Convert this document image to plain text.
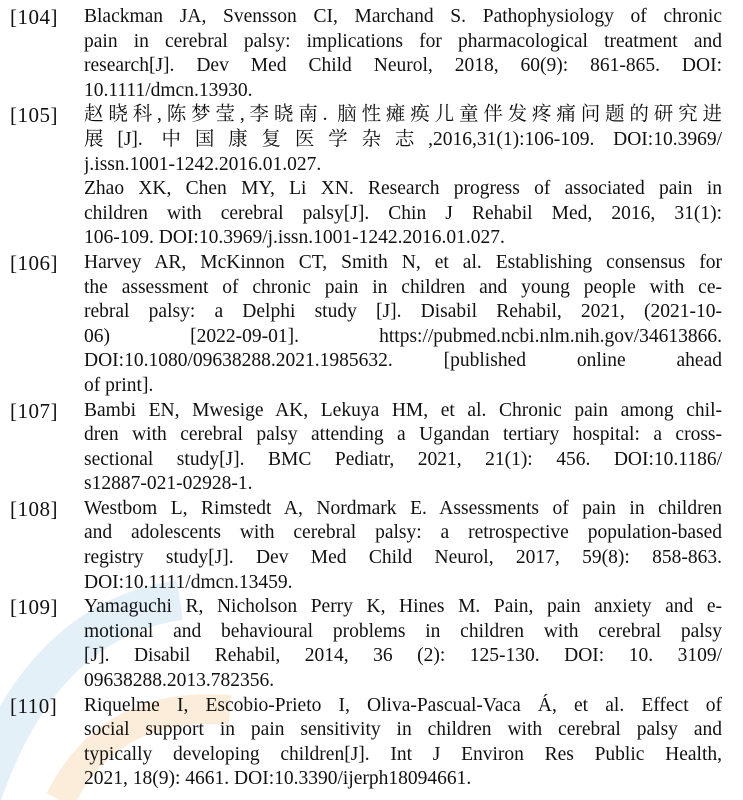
[104] Blackman JA, Svensson CI, Marchand S. Pathophysiology of chronic
pain in cerebral palsy: implications for pharmacological treatment and
research[J]. Dev Med Child Neurol, 2018, 60(9): 861-865. DOI:
10.1111/dmcn.13930.
[105] 赵晓科,陈梦莹,李晓南. 脑性瘫痪儿童伴发疼痛问题的研究进
展[J]. 中国康复医学杂志,2016,31(1):106-109. DOI:10.3969/
j.issn.1001-1242.2016.01.027.
Zhao XK, Chen MY, Li XN. Research progress of associated pain in
children with cerebral palsy[J]. Chin J Rehabil Med, 2016, 31(1):
106-109. DOI:10.3969/j.issn.1001-1242.2016.01.027.
[106] Harvey AR, McKinnon CT, Smith N, et al. Establishing consensus for
the assessment of chronic pain in children and young people with ce-
rebral palsy: a Delphi study [J]. Disabil Rehabil, 2021, (2021-10-
06) [2022-09-01]. https://pubmed.ncbi.nlm.nih.gov/34613866.
DOI:10.1080/09638288.2021.1985632. [published online ahead
of print].
[107] Bambi EN, Mwesige AK, Lekuya HM, et al. Chronic pain among chil-
dren with cerebral palsy attending a Ugandan tertiary hospital: a cross-
sectional study[J]. BMC Pediatr, 2021, 21(1): 456. DOI:10.1186/
s12887-021-02928-1.
[108] Westbom L, Rimstedt A, Nordmark E. Assessments of pain in children
and adolescents with cerebral palsy: a retrospective population-based
registry study[J]. Dev Med Child Neurol, 2017, 59(8): 858-863.
DOI:10.1111/dmcn.13459.
[109] Yamaguchi R, Nicholson Perry K, Hines M. Pain, pain anxiety and e-
motional and behavioural problems in children with cerebral palsy
[J]. Disabil Rehabil, 2014, 36 (2): 125-130. DOI: 10. 3109/
09638288.2013.782356.
[110] Riquelme I, Escobio-Prieto I, Oliva-Pascual-Vaca Á, et al. Effect of
social support in pain sensitivity in children with cerebral palsy and
typically developing children[J]. Int J Environ Res Public Health,
2021, 18(9): 4661. DOI:10.3390/ijerph18094661.
